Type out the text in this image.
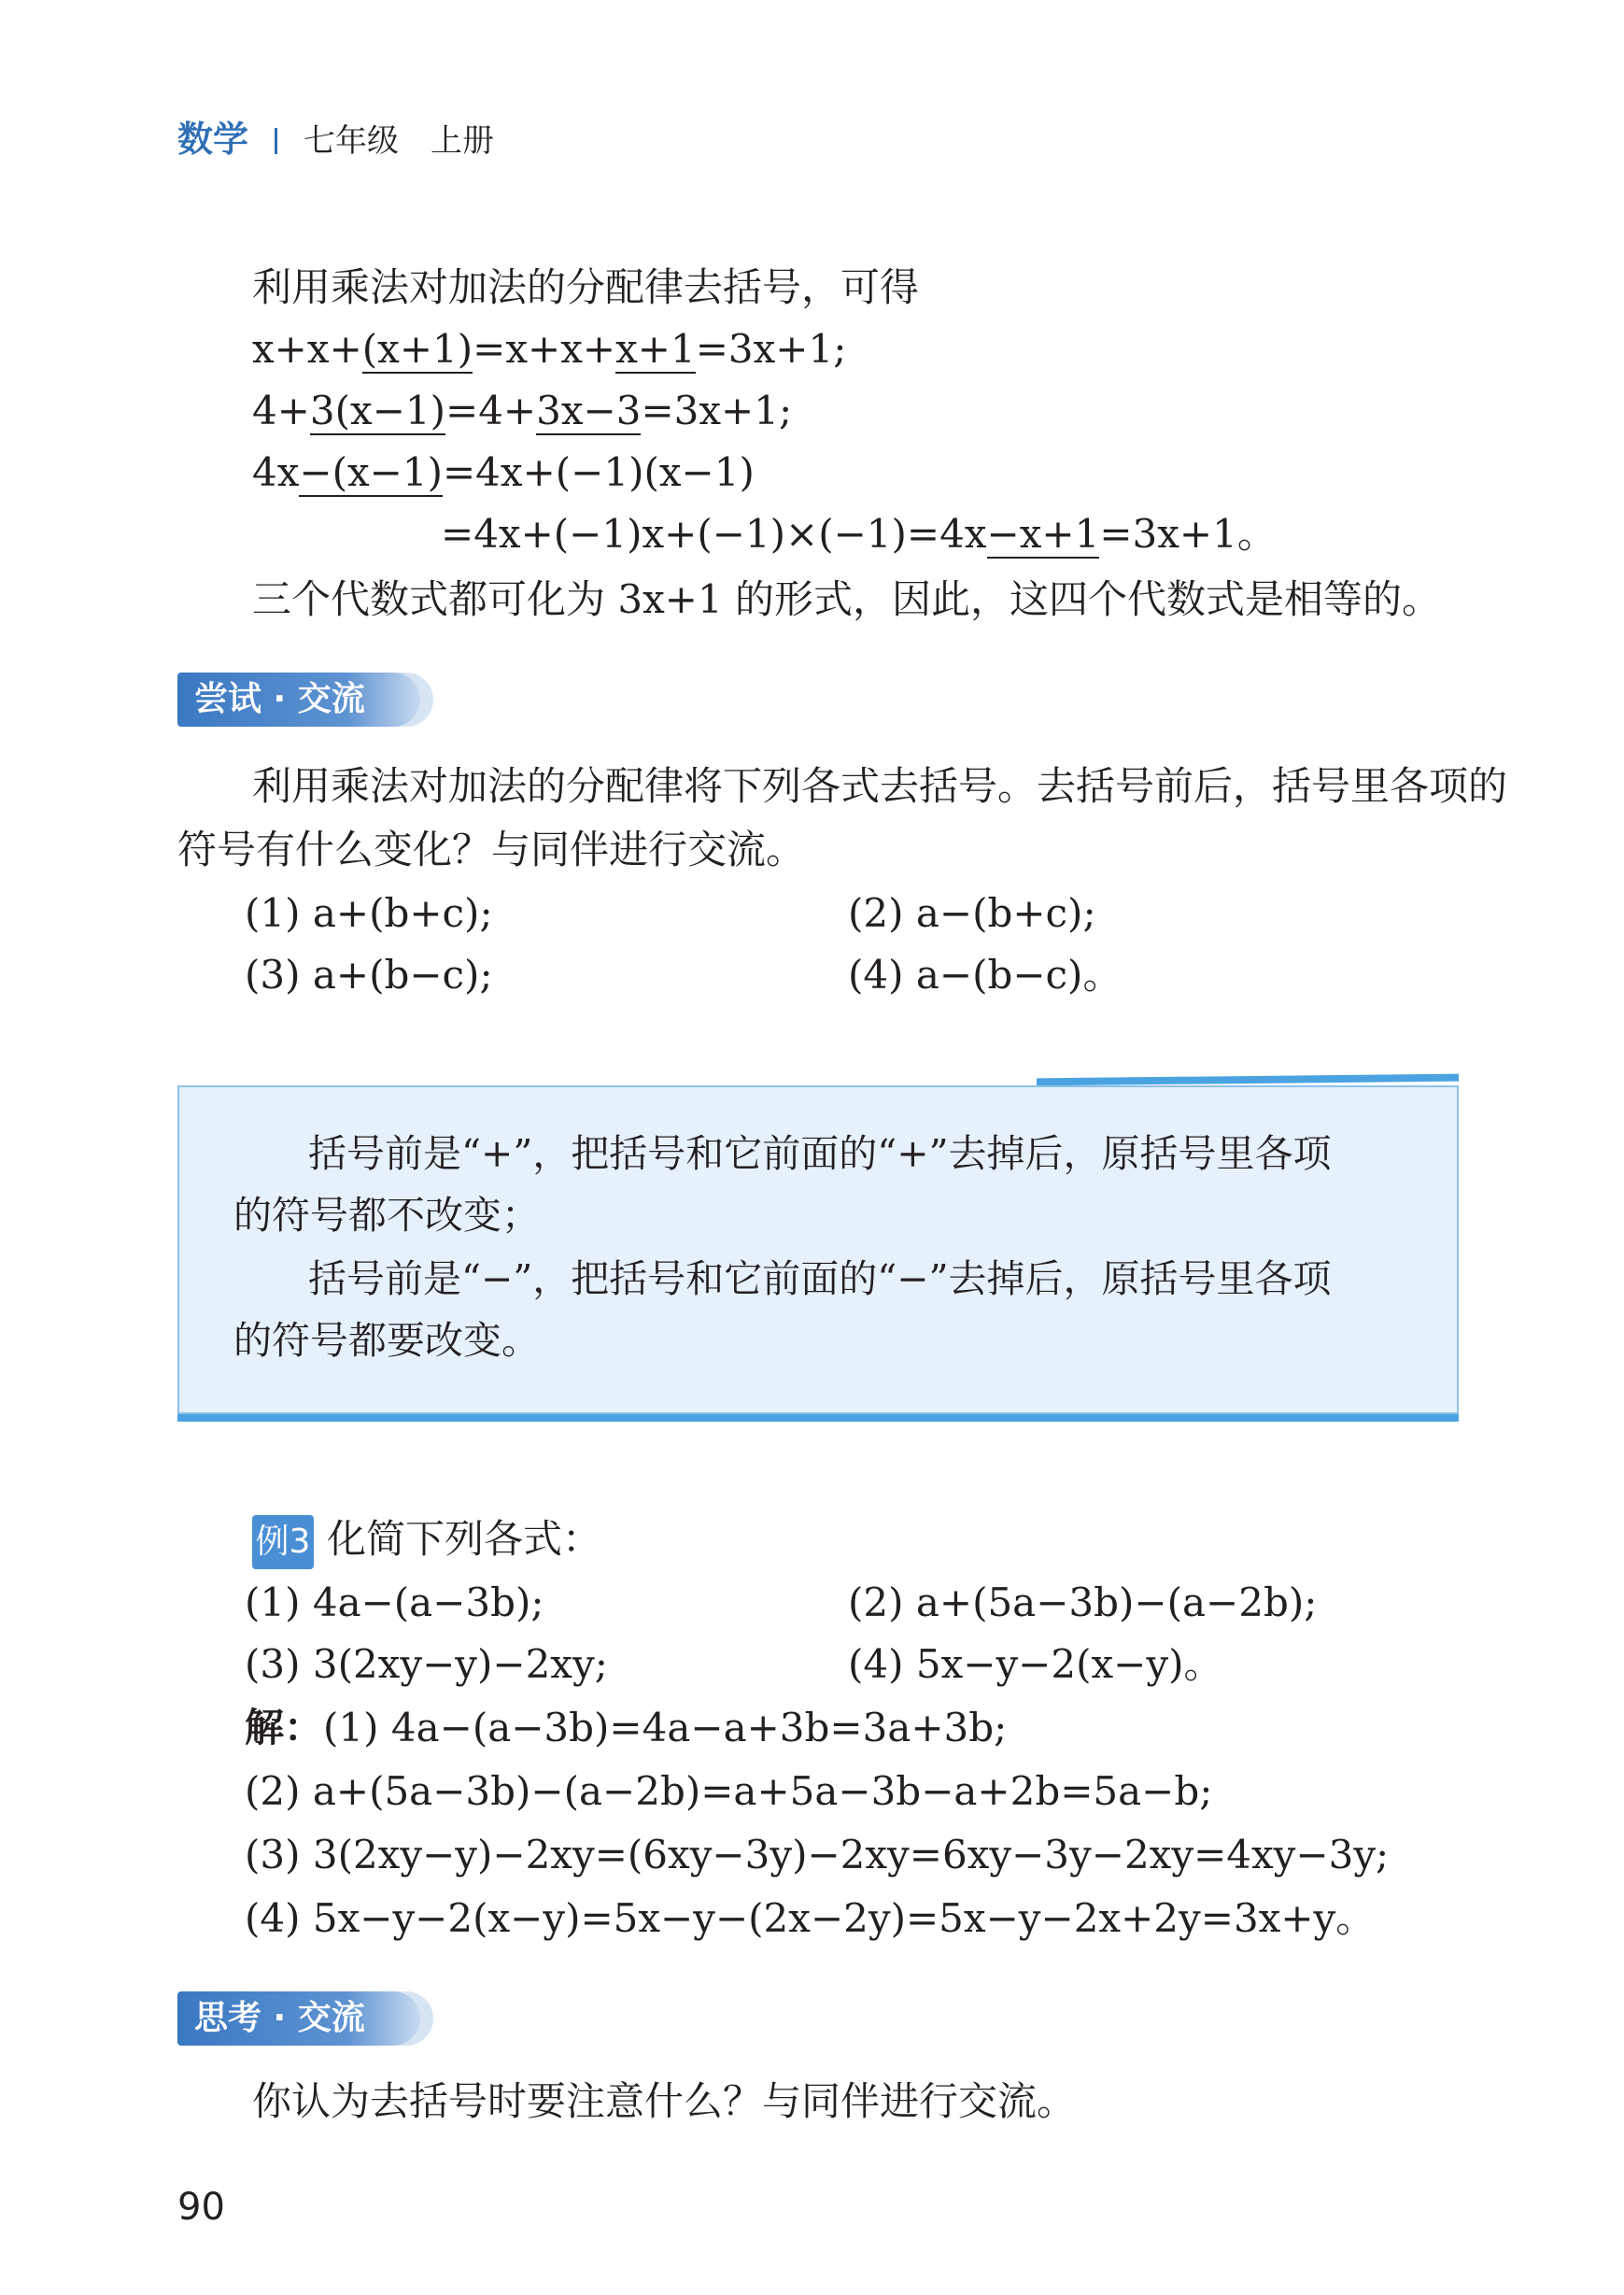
数学 七年级　上册
利用乘法对加法的分配律去括号，可得
x+x+(x+1)=x+x+x+1=3x+1;
4+3(x−1)=4+3x−3=3x+1;
4x−(x−1)=4x+(−1)(x−1)
=4x+(−1)x+(−1)×(−1)=4x−x+1=3x+1。
三个代数式都可化为 3x+1 的形式，因此，这四个代数式是相等的。
尝试 · 交流
利用乘法对加法的分配律将下列各式去括号。去括号前后，括号里各项的
符号有什么变化？与同伴进行交流。
(1) a+(b+c);	(2) a−(b+c);
(3) a+(b−c);	(4) a−(b−c)。
括号前是“+”，把括号和它前面的“+”去掉后，原括号里各项
的符号都不改变；
括号前是“−”，把括号和它前面的“−”去掉后，原括号里各项
的符号都要改变。
例3 化简下列各式：
(1) 4a−(a−3b);	(2) a+(5a−3b)−(a−2b);
(3) 3(2xy−y)−2xy;	(4) 5x−y−2(x−y)。
解：(1) 4a−(a−3b)=4a−a+3b=3a+3b;
(2) a+(5a−3b)−(a−2b)=a+5a−3b−a+2b=5a−b;
(3) 3(2xy−y)−2xy=(6xy−3y)−2xy=6xy−3y−2xy=4xy−3y;
(4) 5x−y−2(x−y)=5x−y−(2x−2y)=5x−y−2x+2y=3x+y。
思考 · 交流
你认为去括号时要注意什么？与同伴进行交流。
90
